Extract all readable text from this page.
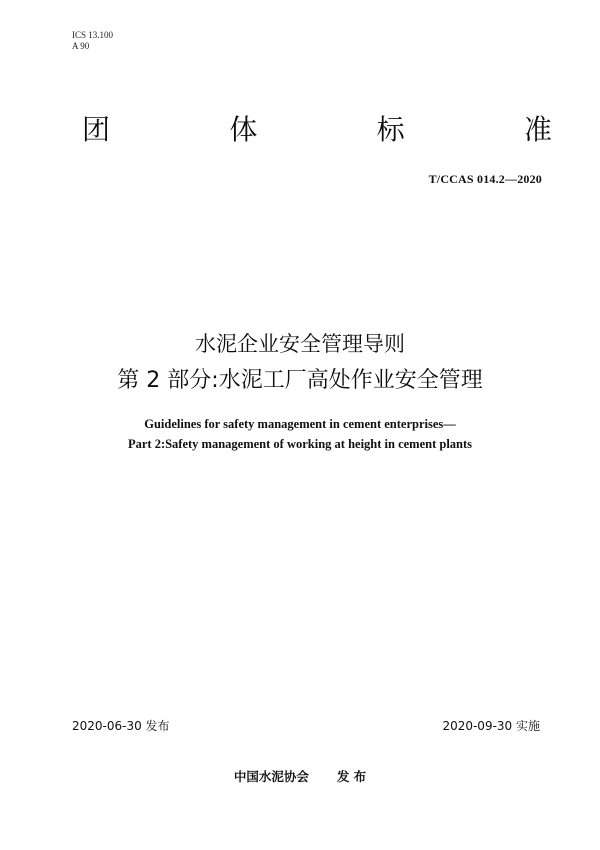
ICS 13.100
A 90
团	体	标	准
T/CCAS 014.2—2020
水泥企业安全管理导则
第 2 部分:水泥工厂高处作业安全管理
Guidelines for safety management in cement enterprises—
Part 2:Safety management of working at height in cement plants
2020-06-30 发布	2020-09-30 实施
中国水泥协会 发 布
